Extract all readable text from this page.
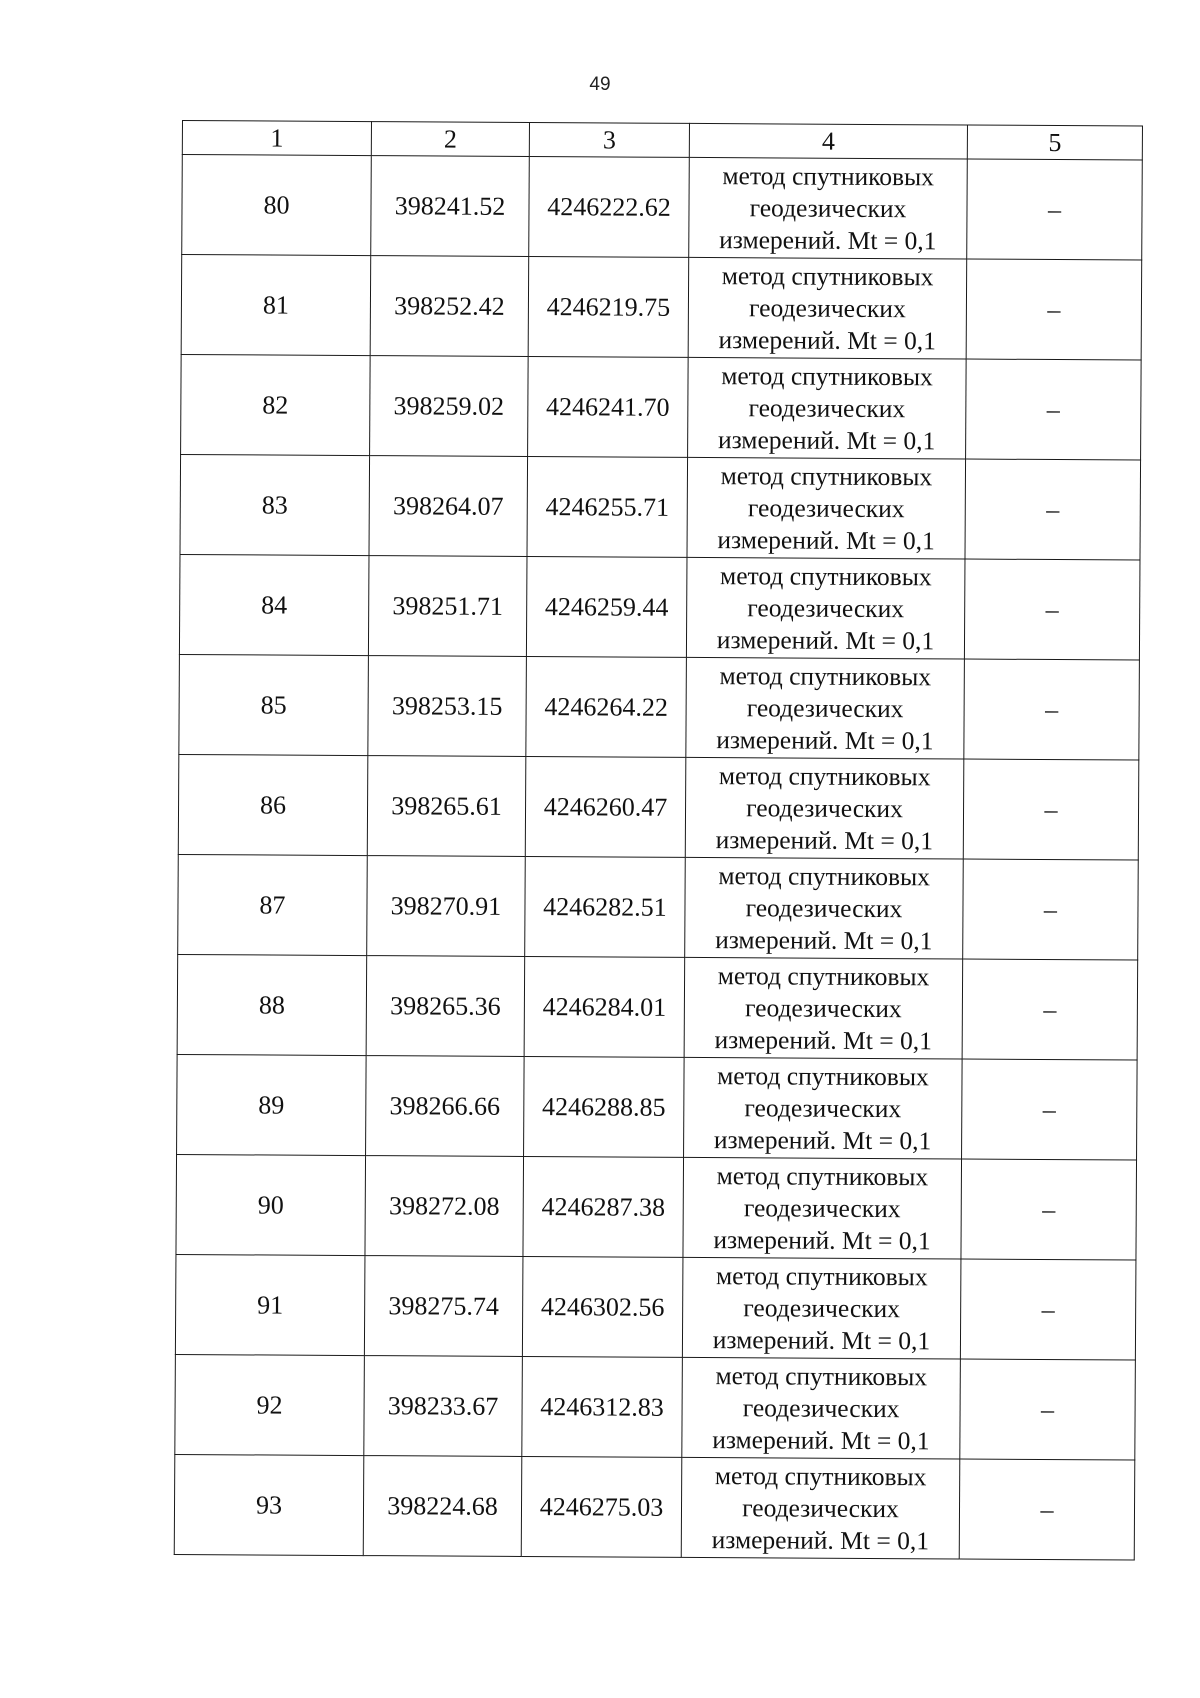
49
1	2	3	4	5
80	398241.52	4246222.62	метод спутниковых
геодезических
измерений. Mt = 0,1	–
81	398252.42	4246219.75	метод спутниковых
геодезических
измерений. Mt = 0,1	–
82	398259.02	4246241.70	метод спутниковых
геодезических
измерений. Mt = 0,1	–
83	398264.07	4246255.71	метод спутниковых
геодезических
измерений. Mt = 0,1	–
84	398251.71	4246259.44	метод спутниковых
геодезических
измерений. Mt = 0,1	–
85	398253.15	4246264.22	метод спутниковых
геодезических
измерений. Mt = 0,1	–
86	398265.61	4246260.47	метод спутниковых
геодезических
измерений. Mt = 0,1	–
87	398270.91	4246282.51	метод спутниковых
геодезических
измерений. Mt = 0,1	–
88	398265.36	4246284.01	метод спутниковых
геодезических
измерений. Mt = 0,1	–
89	398266.66	4246288.85	метод спутниковых
геодезических
измерений. Mt = 0,1	–
90	398272.08	4246287.38	метод спутниковых
геодезических
измерений. Mt = 0,1	–
91	398275.74	4246302.56	метод спутниковых
геодезических
измерений. Mt = 0,1	–
92	398233.67	4246312.83	метод спутниковых
геодезических
измерений. Mt = 0,1	–
93	398224.68	4246275.03	метод спутниковых
геодезических
измерений. Mt = 0,1	–
